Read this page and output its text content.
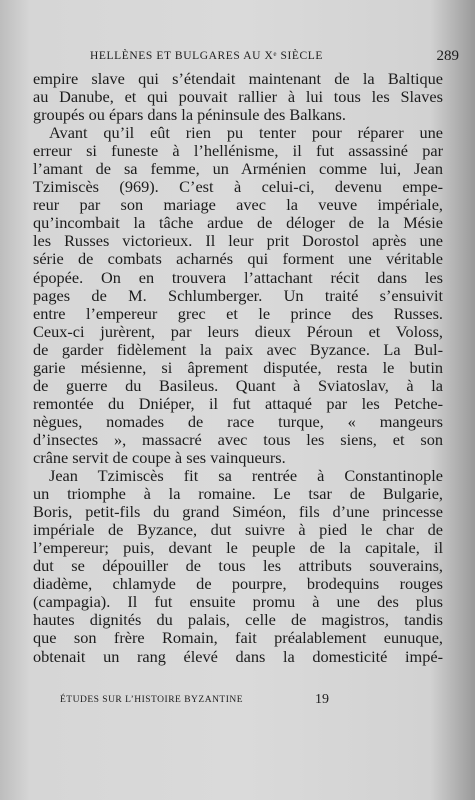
HELLÈNES ET BULGARES AU Xᵉ SIÈCLE	289
empire slave qui s’étendait maintenant de la Baltique
au Danube, et qui pouvait rallier à lui tous les Slaves
groupés ou épars dans la péninsule des Balkans.
Avant qu’il eût rien pu tenter pour réparer une
erreur si funeste à l’hellénisme, il fut assassiné par
l’amant de sa femme, un Arménien comme lui, Jean
Tzimiscès (969). C’est à celui-ci, devenu empe-
reur par son mariage avec la veuve impériale,
qu’incombait la tâche ardue de déloger de la Mésie
les Russes victorieux. Il leur prit Dorostol après une
série de combats acharnés qui forment une véritable
épopée. On en trouvera l’attachant récit dans les
pages de M. Schlumberger. Un traité s’ensuivit
entre l’empereur grec et le prince des Russes.
Ceux-ci jurèrent, par leurs dieux Péroun et Voloss,
de garder fidèlement la paix avec Byzance. La Bul-
garie mésienne, si âprement disputée, resta le butin
de guerre du Basileus. Quant à Sviatoslav, à la
remontée du Dniéper, il fut attaqué par les Petche-
nègues, nomades de race turque, « mangeurs
d’insectes », massacré avec tous les siens, et son
crâne servit de coupe à ses vainqueurs.
Jean Tzimiscès fit sa rentrée à Constantinople
un triomphe à la romaine. Le tsar de Bulgarie,
Boris, petit-fils du grand Siméon, fils d’une princesse
impériale de Byzance, dut suivre à pied le char de
l’empereur; puis, devant le peuple de la capitale, il
dut se dépouiller de tous les attributs souverains,
diadème, chlamyde de pourpre, brodequins rouges
(campagia). Il fut ensuite promu à une des plus
hautes dignités du palais, celle de magistros, tandis
que son frère Romain, fait préalablement eunuque,
obtenait un rang élevé dans la domesticité impé-
ÉTUDES SUR L’HISTOIRE BYZANTINE	19
